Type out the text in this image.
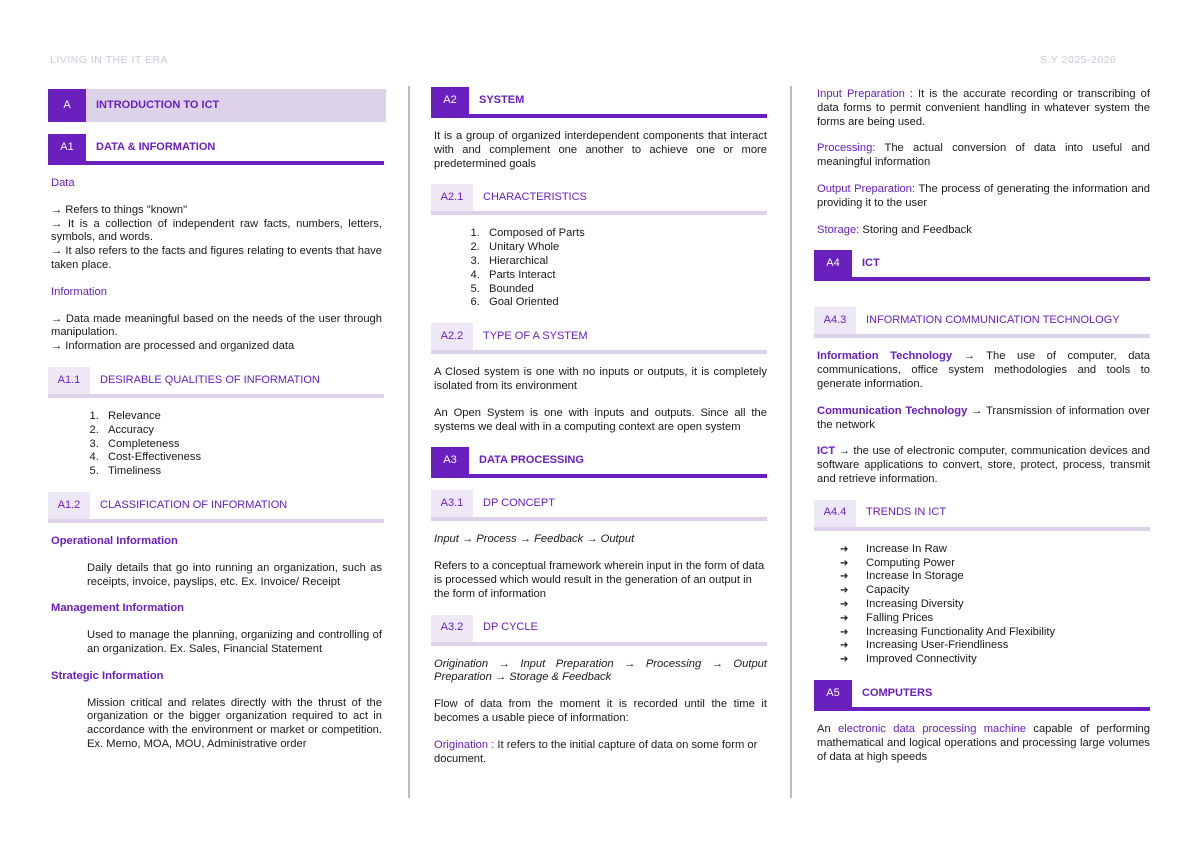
LIVING IN THE IT ERA	S.Y 2025-2026
A	INTRODUCTION TO ICT
A1	DATA & INFORMATION
Data
→ Refers to things "known"
→ It is a collection of independent raw facts, numbers, letters, symbols, and words.
→ It also refers to the facts and figures relating to events that have taken place.
Information
→ Data made meaningful based on the needs of the user through manipulation.
→ Information are processed and organized data
A1.1	DESIRABLE QUALITIES OF INFORMATION
1. Relevance
2. Accuracy
3. Completeness
4. Cost-Effectiveness
5. Timeliness
A1.2	CLASSIFICATION OF INFORMATION
Operational Information
Daily details that go into running an organization, such as receipts, invoice, payslips, etc. Ex. Invoice/ Receipt
Management Information
Used to manage the planning, organizing and controlling of an organization. Ex. Sales, Financial Statement
Strategic Information
Mission critical and relates directly with the thrust of the organization or the bigger organization required to act in accordance with the environment or market or competition. Ex. Memo, MOA, MOU, Administrative order
A2	SYSTEM
It is a group of organized interdependent components that interact with and complement one another to achieve one or more predetermined goals
A2.1	CHARACTERISTICS
1. Composed of Parts
2. Unitary Whole
3. Hierarchical
4. Parts Interact
5. Bounded
6. Goal Oriented
A2.2	TYPE OF A SYSTEM
A Closed system is one with no inputs or outputs, it is completely isolated from its environment
An Open System is one with inputs and outputs. Since all the systems we deal with in a computing context are open system
A3	DATA PROCESSING
A3.1	DP CONCEPT
Input → Process → Feedback → Output
Refers to a conceptual framework wherein input in the form of data is processed which would result in the generation of an output in the form of information
A3.2	DP CYCLE
Origination → Input Preparation → Processing → Output Preparation → Storage & Feedback
Flow of data from the moment it is recorded until the time it becomes a usable piece of information:
Origination : It refers to the initial capture of data on some form or document.
Input Preparation : It is the accurate recording or transcribing of data forms to permit convenient handling in whatever system the forms are being used.
Processing: The actual conversion of data into useful and meaningful information
Output Preparation: The process of generating the information and providing it to the user
Storage: Storing and Feedback
A4	ICT
A4.3	INFORMATION COMMUNICATION TECHNOLOGY
Information Technology → The use of computer, data communications, office system methodologies and tools to generate information.
Communication Technology → Transmission of information over the network
ICT → the use of electronic computer, communication devices and software applications to convert, store, protect, process, transmit and retrieve information.
A4.4	TRENDS IN ICT
➔ Increase In Raw
➔ Computing Power
➔ Increase In Storage
➔ Capacity
➔ Increasing Diversity
➔ Falling Prices
➔ Increasing Functionality And Flexibility
➔ Increasing User-Friendliness
➔ Improved Connectivity
A5	COMPUTERS
An electronic data processing machine capable of performing mathematical and logical operations and processing large volumes of data at high speeds
